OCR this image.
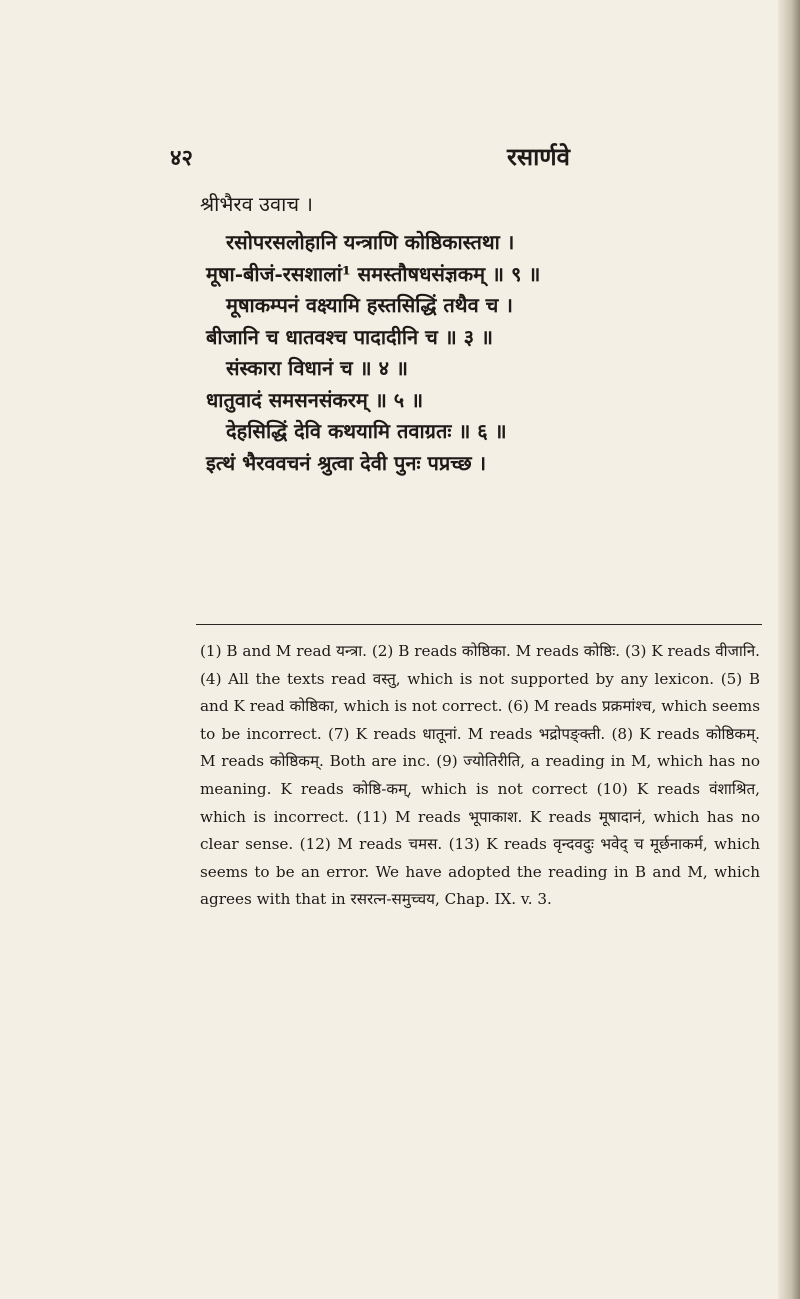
४२	रसार्णवे
श्रीभैरव उवाच ।
रसोपरसलोहानि यन्त्राणि कोष्ठिकास्तथा ।
मूषा-बीजं-रसशालां¹ समस्तौषधसंज्ञकम् ॥ ९ ॥
मूषाकम्पनं वक्ष्यामि हस्तसिद्धिं तथैव च ।
बीजानि च धातवश्च पादादीनि च ॥ ३ ॥
संस्कारा विधानं च ॥ ४ ॥
धातुवादं समसनसंकरम् ॥ ५ ॥
देहसिद्धिं देवि कथयामि तवाग्रतः ॥ ६ ॥
इत्थं भैरववचनं श्रुत्वा देवी पुनः पप्रच्छ ।

(1) B and M read यन्त्रा. (2) B reads कोष्ठिका. M reads कोष्ठिः. (3) K reads वीजानि. (4) All the texts read वस्तु, which is not supported by any lexicon. (5) B and K read कोष्ठिका, which is not correct. (6) M reads प्रक्रमांश्च, which seems to be incorrect. (7) K reads धातूनां. M reads भद्रोपङ्क्ती. (8) K reads कोष्ठिकम्. M reads कोष्ठिकम्. Both are inc. (9) ज्योतिरीति, a reading in M, which has no meaning. K reads कोष्ठि-कम्, which is not correct (10) K reads वंशाश्रित, which is incorrect. (11) M reads भूपाकाश. K reads मूषादानं, which has no clear sense. (12) M reads चमस. (13) K reads वृन्दवदुः भवेद् च मूर्छनाकर्म, which seems to be an error. We have adopted the reading in B and M, which agrees with that in रसरत्न-समुच्चय, Chap. IX. v. 3.
